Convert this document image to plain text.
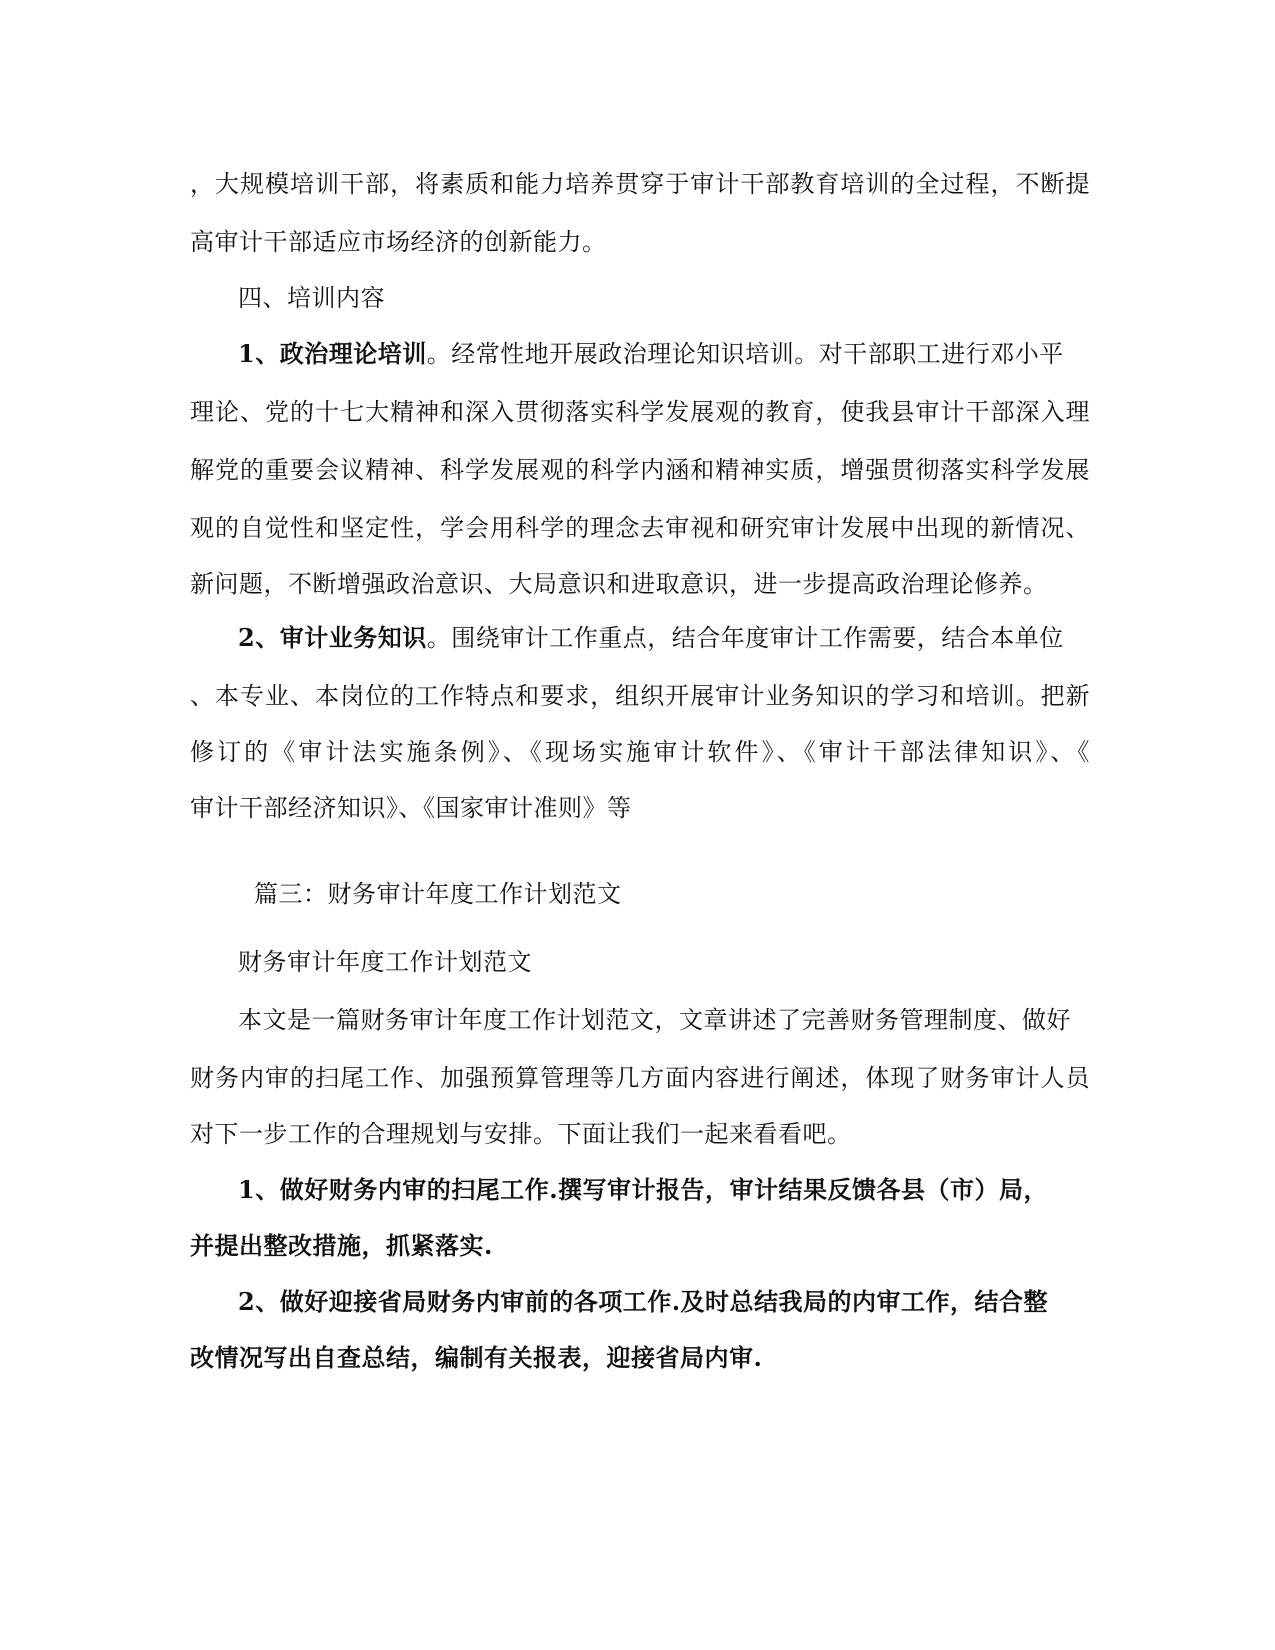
，大规模培训干部，将素质和能力培养贯穿于审计干部教育培训的全过程，不断提
高审计干部适应市场经济的创新能力。
四、培训内容
1、政治理论培训。经常性地开展政治理论知识培训。对干部职工进行邓小平
理论、党的十七大精神和深入贯彻落实科学发展观的教育，使我县审计干部深入理
解党的重要会议精神、科学发展观的科学内涵和精神实质，增强贯彻落实科学发展
观的自觉性和坚定性，学会用科学的理念去审视和研究审计发展中出现的新情况、
新问题，不断增强政治意识、大局意识和进取意识，进一步提高政治理论修养。
2、审计业务知识。围绕审计工作重点，结合年度审计工作需要，结合本单位
、本专业、本岗位的工作特点和要求，组织开展审计业务知识的学习和培训。把新
修订的《审计法实施条例》、《现场实施审计软件》、《审计干部法律知识》、《
审计干部经济知识》、《国家审计准则》等
篇三：财务审计年度工作计划范文
财务审计年度工作计划范文
本文是一篇财务审计年度工作计划范文，文章讲述了完善财务管理制度、做好
财务内审的扫尾工作、加强预算管理等几方面内容进行阐述，体现了财务审计人员
对下一步工作的合理规划与安排。下面让我们一起来看看吧。
1、做好财务内审的扫尾工作.撰写审计报告，审计结果反馈各县（市）局，
并提出整改措施，抓紧落实.
2、做好迎接省局财务内审前的各项工作.及时总结我局的内审工作，结合整
改情况写出自查总结，编制有关报表，迎接省局内审.
